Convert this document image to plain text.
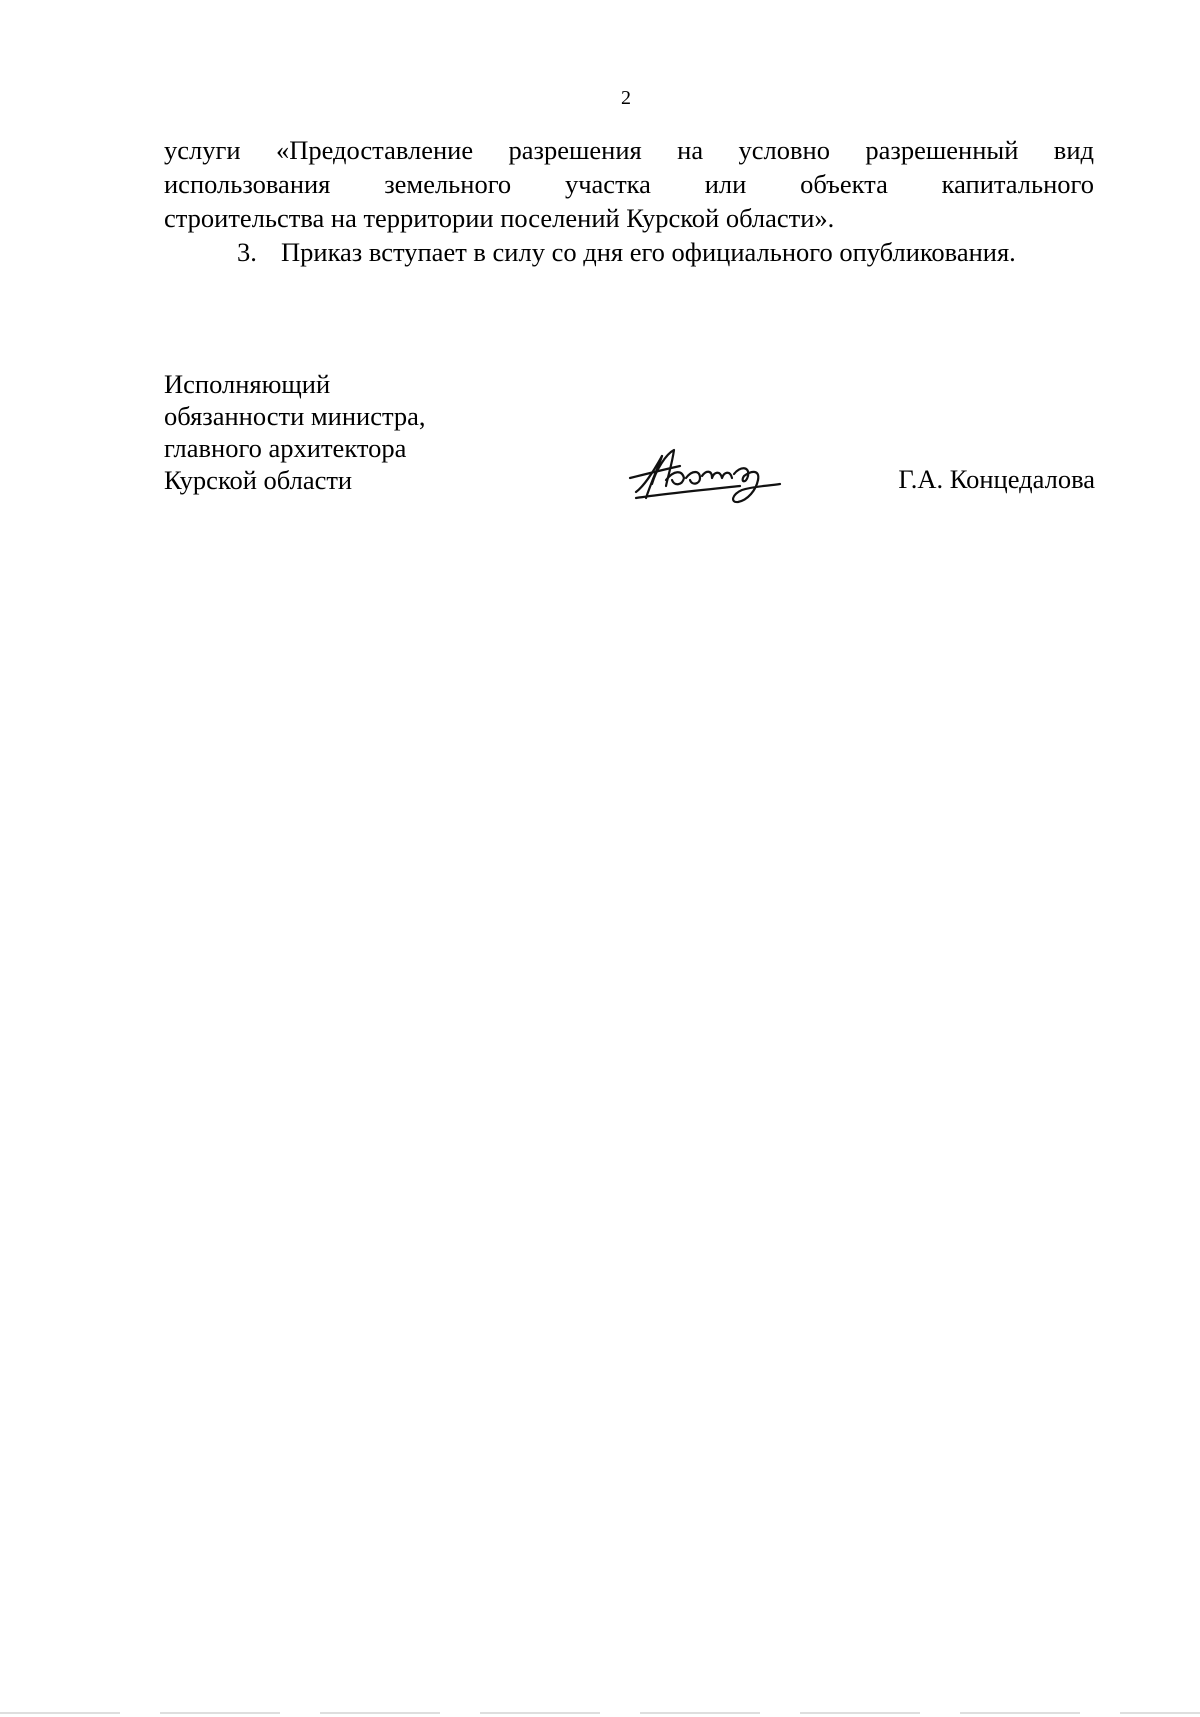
2

услуги «Предоставление разрешения на условно разрешенный вид
использования земельного участка или объекта капитального
строительства на территории поселений Курской области».

3. Приказ вступает в силу со дня его официального опубликования.

Исполняющий
обязанности министра,
главного архитектора
Курской области	Г.А. Концедалова
